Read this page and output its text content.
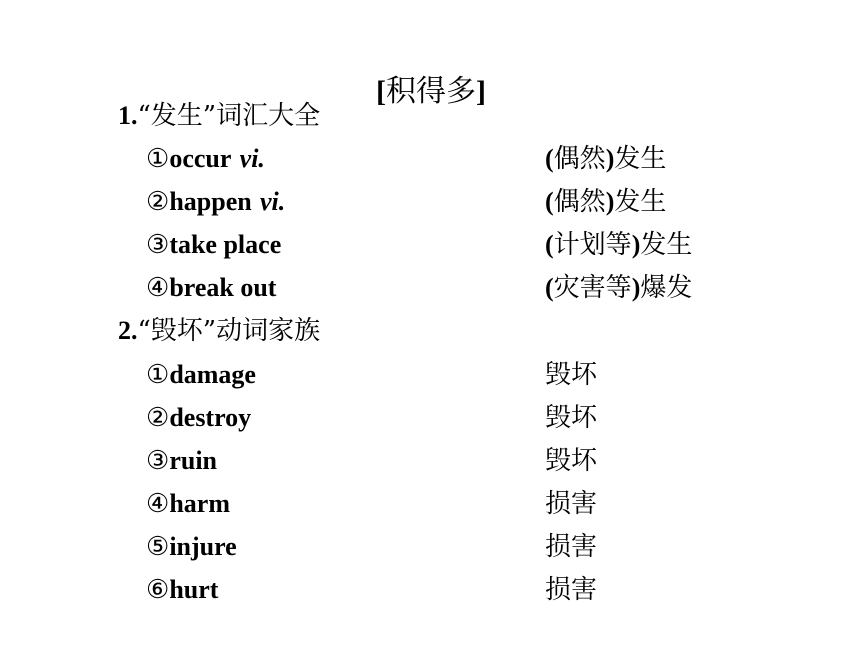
[积得多]
1.“发生”词汇大全
①occur vi.	(偶然)发生
②happen vi.	(偶然)发生
③take place	(计划等)发生
④break out	(灾害等)爆发
2.“毁坏”动词家族
①damage	毁坏
②destroy	毁坏
③ruin	毁坏
④harm	损害
⑤injure	损害
⑥hurt	损害
